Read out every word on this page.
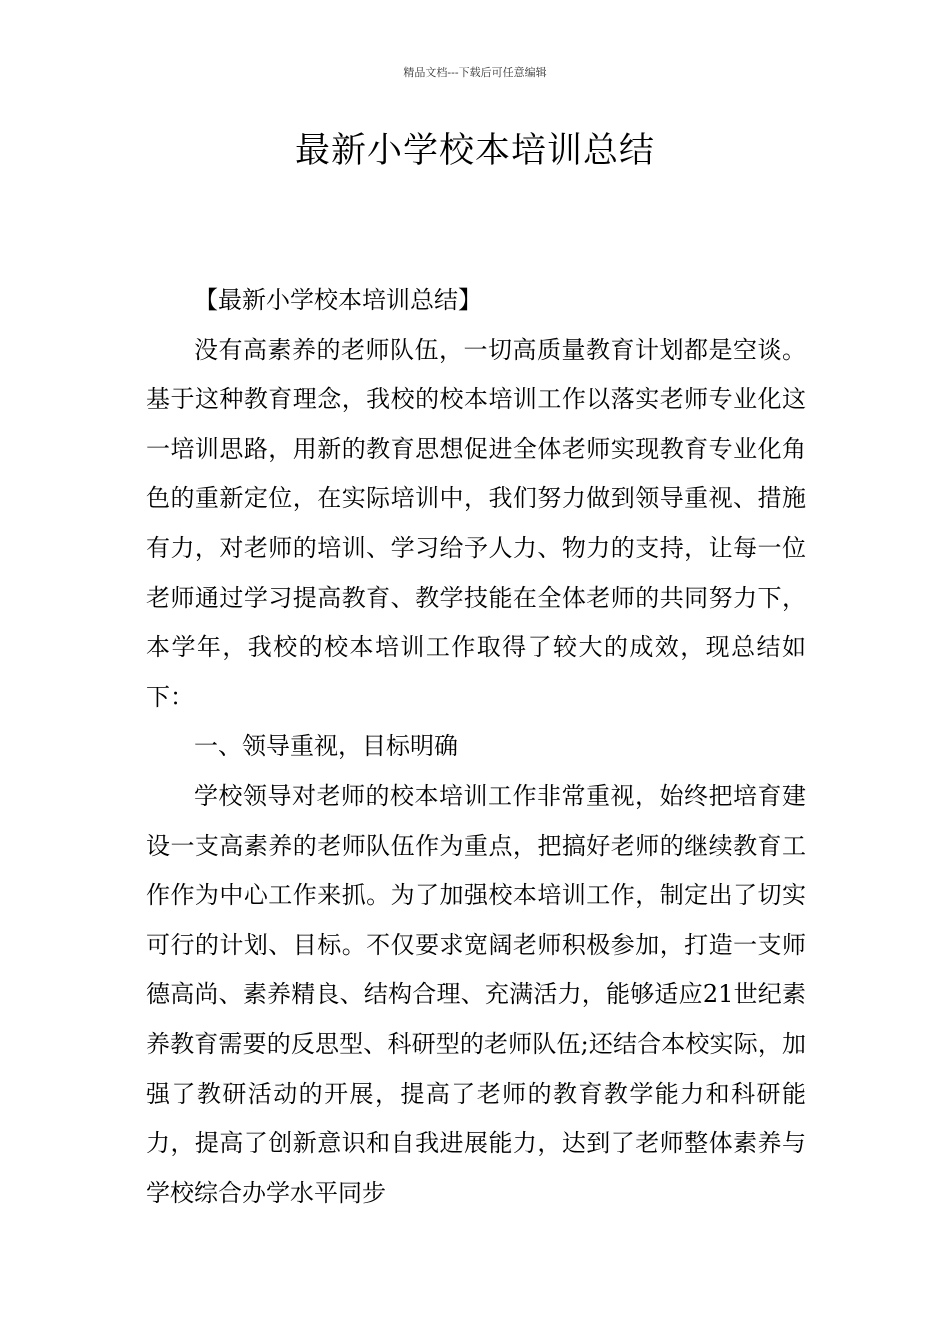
精品文档---下载后可任意编辑
最新小学校本培训总结

【最新小学校本培训总结】

没有高素养的老师队伍，一切高质量教育计划都是空谈。基于这种教育理念，我校的校本培训工作以落实老师专业化这一培训思路，用新的教育思想促进全体老师实现教育专业化角色的重新定位，在实际培训中，我们努力做到领导重视、措施有力，对老师的培训、学习给予人力、物力的支持，让每一位老师通过学习提高教育、教学技能在全体老师的共同努力下，本学年，我校的校本培训工作取得了较大的成效，现总结如下：

一、领导重视，目标明确

学校领导对老师的校本培训工作非常重视，始终把培育建设一支高素养的老师队伍作为重点，把搞好老师的继续教育工作作为中心工作来抓。为了加强校本培训工作，制定出了切实可行的计划、目标。不仅要求宽阔老师积极参加，打造一支师德高尚、素养精良、结构合理、充满活力，能够适应21世纪素养教育需要的反思型、科研型的老师队伍;还结合本校实际，加强了教研活动的开展，提高了老师的教育教学能力和科研能力，提高了创新意识和自我进展能力，达到了老师整体素养与学校综合办学水平同步
